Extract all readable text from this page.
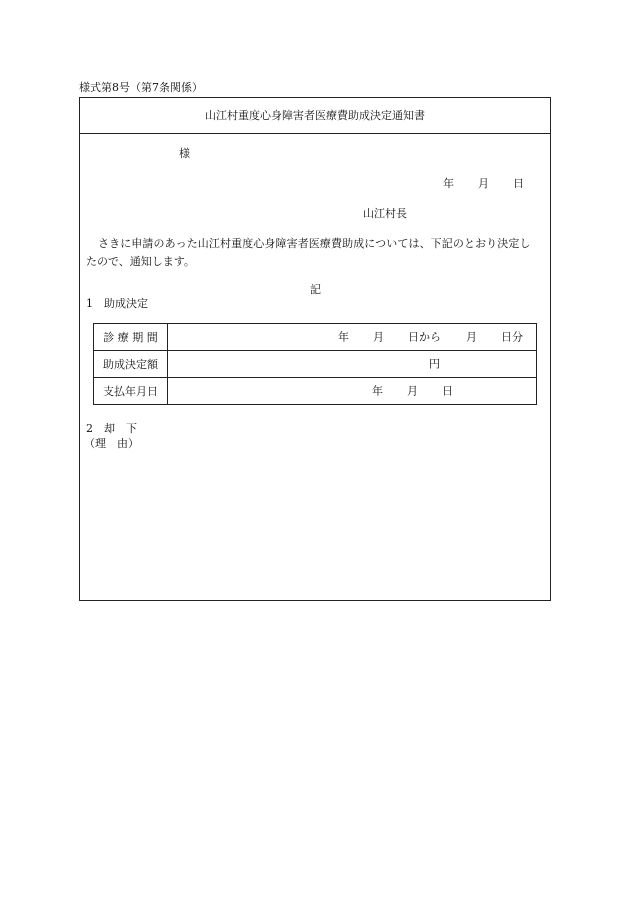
様式第8号（第7条関係）
山江村重度心身障害者医療費助成決定通知書
様
年 月 日
山江村長
さきに申請のあった山江村重度心身障害者医療費助成については、下記のとおり決定し
たので、通知します。
記
1　助成決定
診 療 期 間	年 月 日から 月 日分

助成決定額	円

支払年月日	年 月 日
2　却　下
（理　由）
